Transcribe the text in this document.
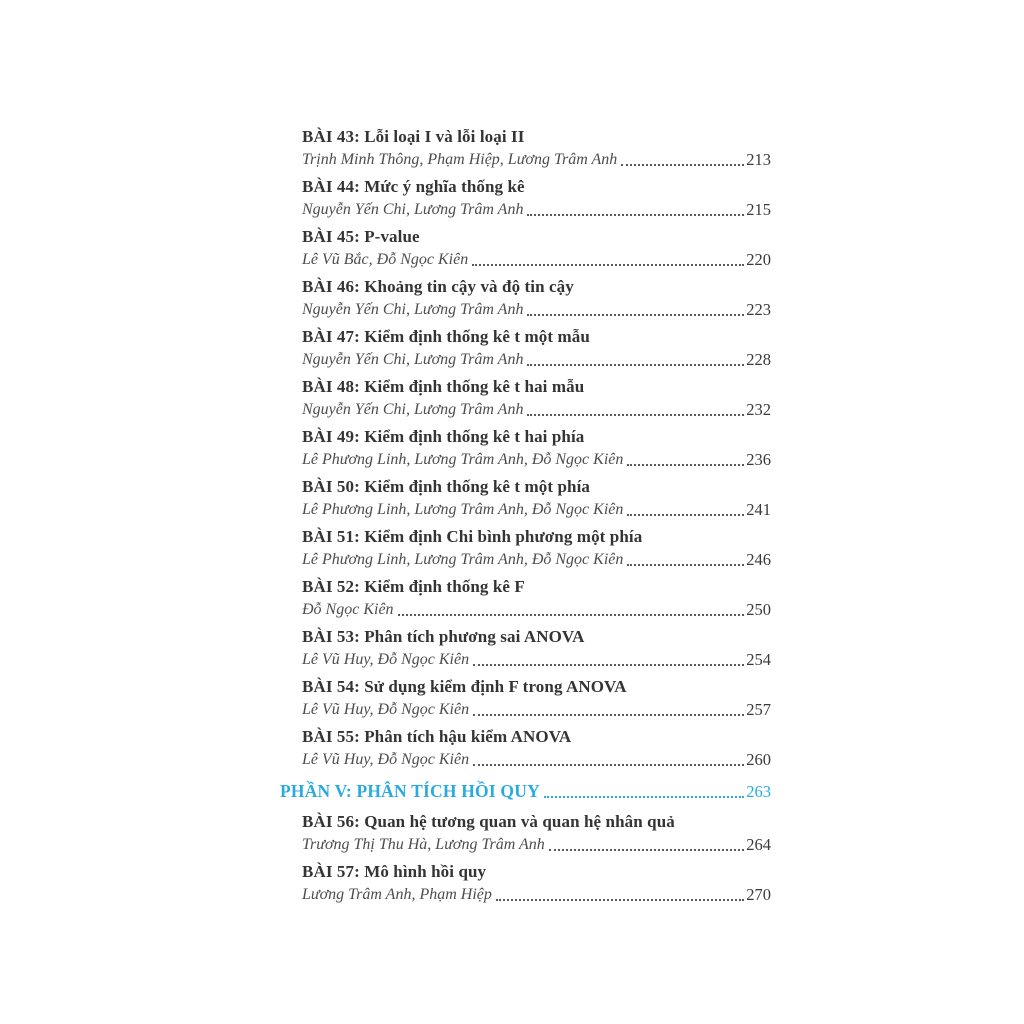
BÀI 43: Lỗi loại I và lỗi loại II
Trịnh Minh Thông, Phạm Hiệp, Lương Trâm Anh	213
BÀI 44: Mức ý nghĩa thống kê
Nguyễn Yến Chi, Lương Trâm Anh	215
BÀI 45: P-value
Lê Vũ Bắc, Đỗ Ngọc Kiên	220
BÀI 46: Khoảng tin cậy và độ tin cậy
Nguyễn Yến Chi, Lương Trâm Anh	223
BÀI 47: Kiểm định thống kê t một mẫu
Nguyễn Yến Chi, Lương Trâm Anh	228
BÀI 48: Kiểm định thống kê t hai mẫu
Nguyễn Yến Chi, Lương Trâm Anh	232
BÀI 49: Kiểm định thống kê t hai phía
Lê Phương Linh, Lương Trâm Anh, Đỗ Ngọc Kiên	236
BÀI 50: Kiểm định thống kê t một phía
Lê Phương Linh, Lương Trâm Anh, Đỗ Ngọc Kiên	241
BÀI 51: Kiểm định Chi bình phương một phía
Lê Phương Linh, Lương Trâm Anh, Đỗ Ngọc Kiên	246
BÀI 52: Kiểm định thống kê F
Đỗ Ngọc Kiên	250
BÀI 53: Phân tích phương sai ANOVA
Lê Vũ Huy, Đỗ Ngọc Kiên	254
BÀI 54: Sử dụng kiểm định F trong ANOVA
Lê Vũ Huy, Đỗ Ngọc Kiên	257
BÀI 55: Phân tích hậu kiểm ANOVA
Lê Vũ Huy, Đỗ Ngọc Kiên	260
PHẦN V: PHÂN TÍCH HỒI QUY	263
BÀI 56: Quan hệ tương quan và quan hệ nhân quả
Trương Thị Thu Hà, Lương Trâm Anh	264
BÀI 57: Mô hình hồi quy
Lương Trâm Anh, Phạm Hiệp	270
